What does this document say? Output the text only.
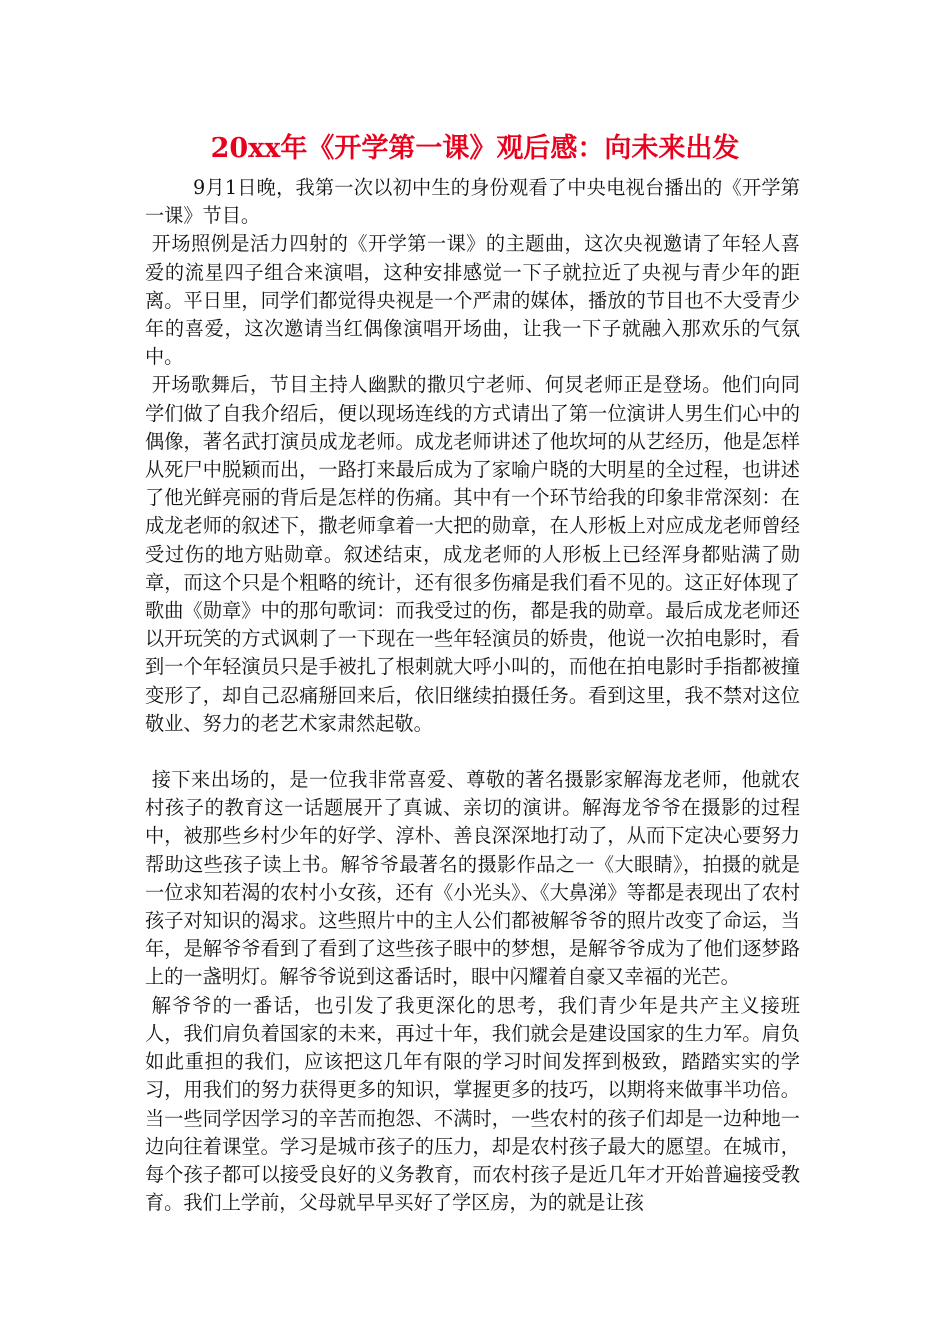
20xx年《开学第一课》观后感：向未来出发

9月1日晚，我第一次以初中生的身份观看了中央电视台播出的《开学第一课》节目。

开场照例是活力四射的《开学第一课》的主题曲，这次央视邀请了年轻人喜爱的流星四子组合来演唱，这种安排感觉一下子就拉近了央视与青少年的距离。平日里，同学们都觉得央视是一个严肃的媒体，播放的节目也不大受青少年的喜爱，这次邀请当红偶像演唱开场曲，让我一下子就融入那欢乐的气氛中。

开场歌舞后，节目主持人幽默的撒贝宁老师、何炅老师正是登场。他们向同学们做了自我介绍后，便以现场连线的方式请出了第一位演讲人男生们心中的偶像，著名武打演员成龙老师。成龙老师讲述了他坎坷的从艺经历，他是怎样从死尸中脱颖而出，一路打来最后成为了家喻户晓的大明星的全过程，也讲述了他光鲜亮丽的背后是怎样的伤痛。其中有一个环节给我的印象非常深刻：在成龙老师的叙述下，撒老师拿着一大把的勋章，在人形板上对应成龙老师曾经受过伤的地方贴勋章。叙述结束，成龙老师的人形板上已经浑身都贴满了勋章，而这个只是个粗略的统计，还有很多伤痛是我们看不见的。这正好体现了歌曲《勋章》中的那句歌词：而我受过的伤，都是我的勋章。最后成龙老师还以开玩笑的方式讽刺了一下现在一些年轻演员的娇贵，他说一次拍电影时，看到一个年轻演员只是手被扎了根刺就大呼小叫的，而他在拍电影时手指都被撞变形了，却自己忍痛掰回来后，依旧继续拍摄任务。看到这里，我不禁对这位敬业、努力的老艺术家肃然起敬。

接下来出场的，是一位我非常喜爱、尊敬的著名摄影家解海龙老师，他就农村孩子的教育这一话题展开了真诚、亲切的演讲。解海龙爷爷在摄影的过程中，被那些乡村少年的好学、淳朴、善良深深地打动了，从而下定决心要努力帮助这些孩子读上书。解爷爷最著名的摄影作品之一《大眼睛》，拍摄的就是一位求知若渴的农村小女孩，还有《小光头》、《大鼻涕》等都是表现出了农村孩子对知识的渴求。这些照片中的主人公们都被解爷爷的照片改变了命运，当年，是解爷爷看到了看到了这些孩子眼中的梦想，是解爷爷成为了他们逐梦路上的一盏明灯。解爷爷说到这番话时，眼中闪耀着自豪又幸福的光芒。

解爷爷的一番话，也引发了我更深化的思考，我们青少年是共产主义接班人，我们肩负着国家的未来，再过十年，我们就会是建设国家的生力军。肩负如此重担的我们，应该把这几年有限的学习时间发挥到极致，踏踏实实的学习，用我们的努力获得更多的知识，掌握更多的技巧，以期将来做事半功倍。当一些同学因学习的辛苦而抱怨、不满时，一些农村的孩子们却是一边种地一边向往着课堂。学习是城市孩子的压力，却是农村孩子最大的愿望。在城市，每个孩子都可以接受良好的义务教育，而农村孩子是近几年才开始普遍接受教育。我们上学前，父母就早早买好了学区房，为的就是让孩
